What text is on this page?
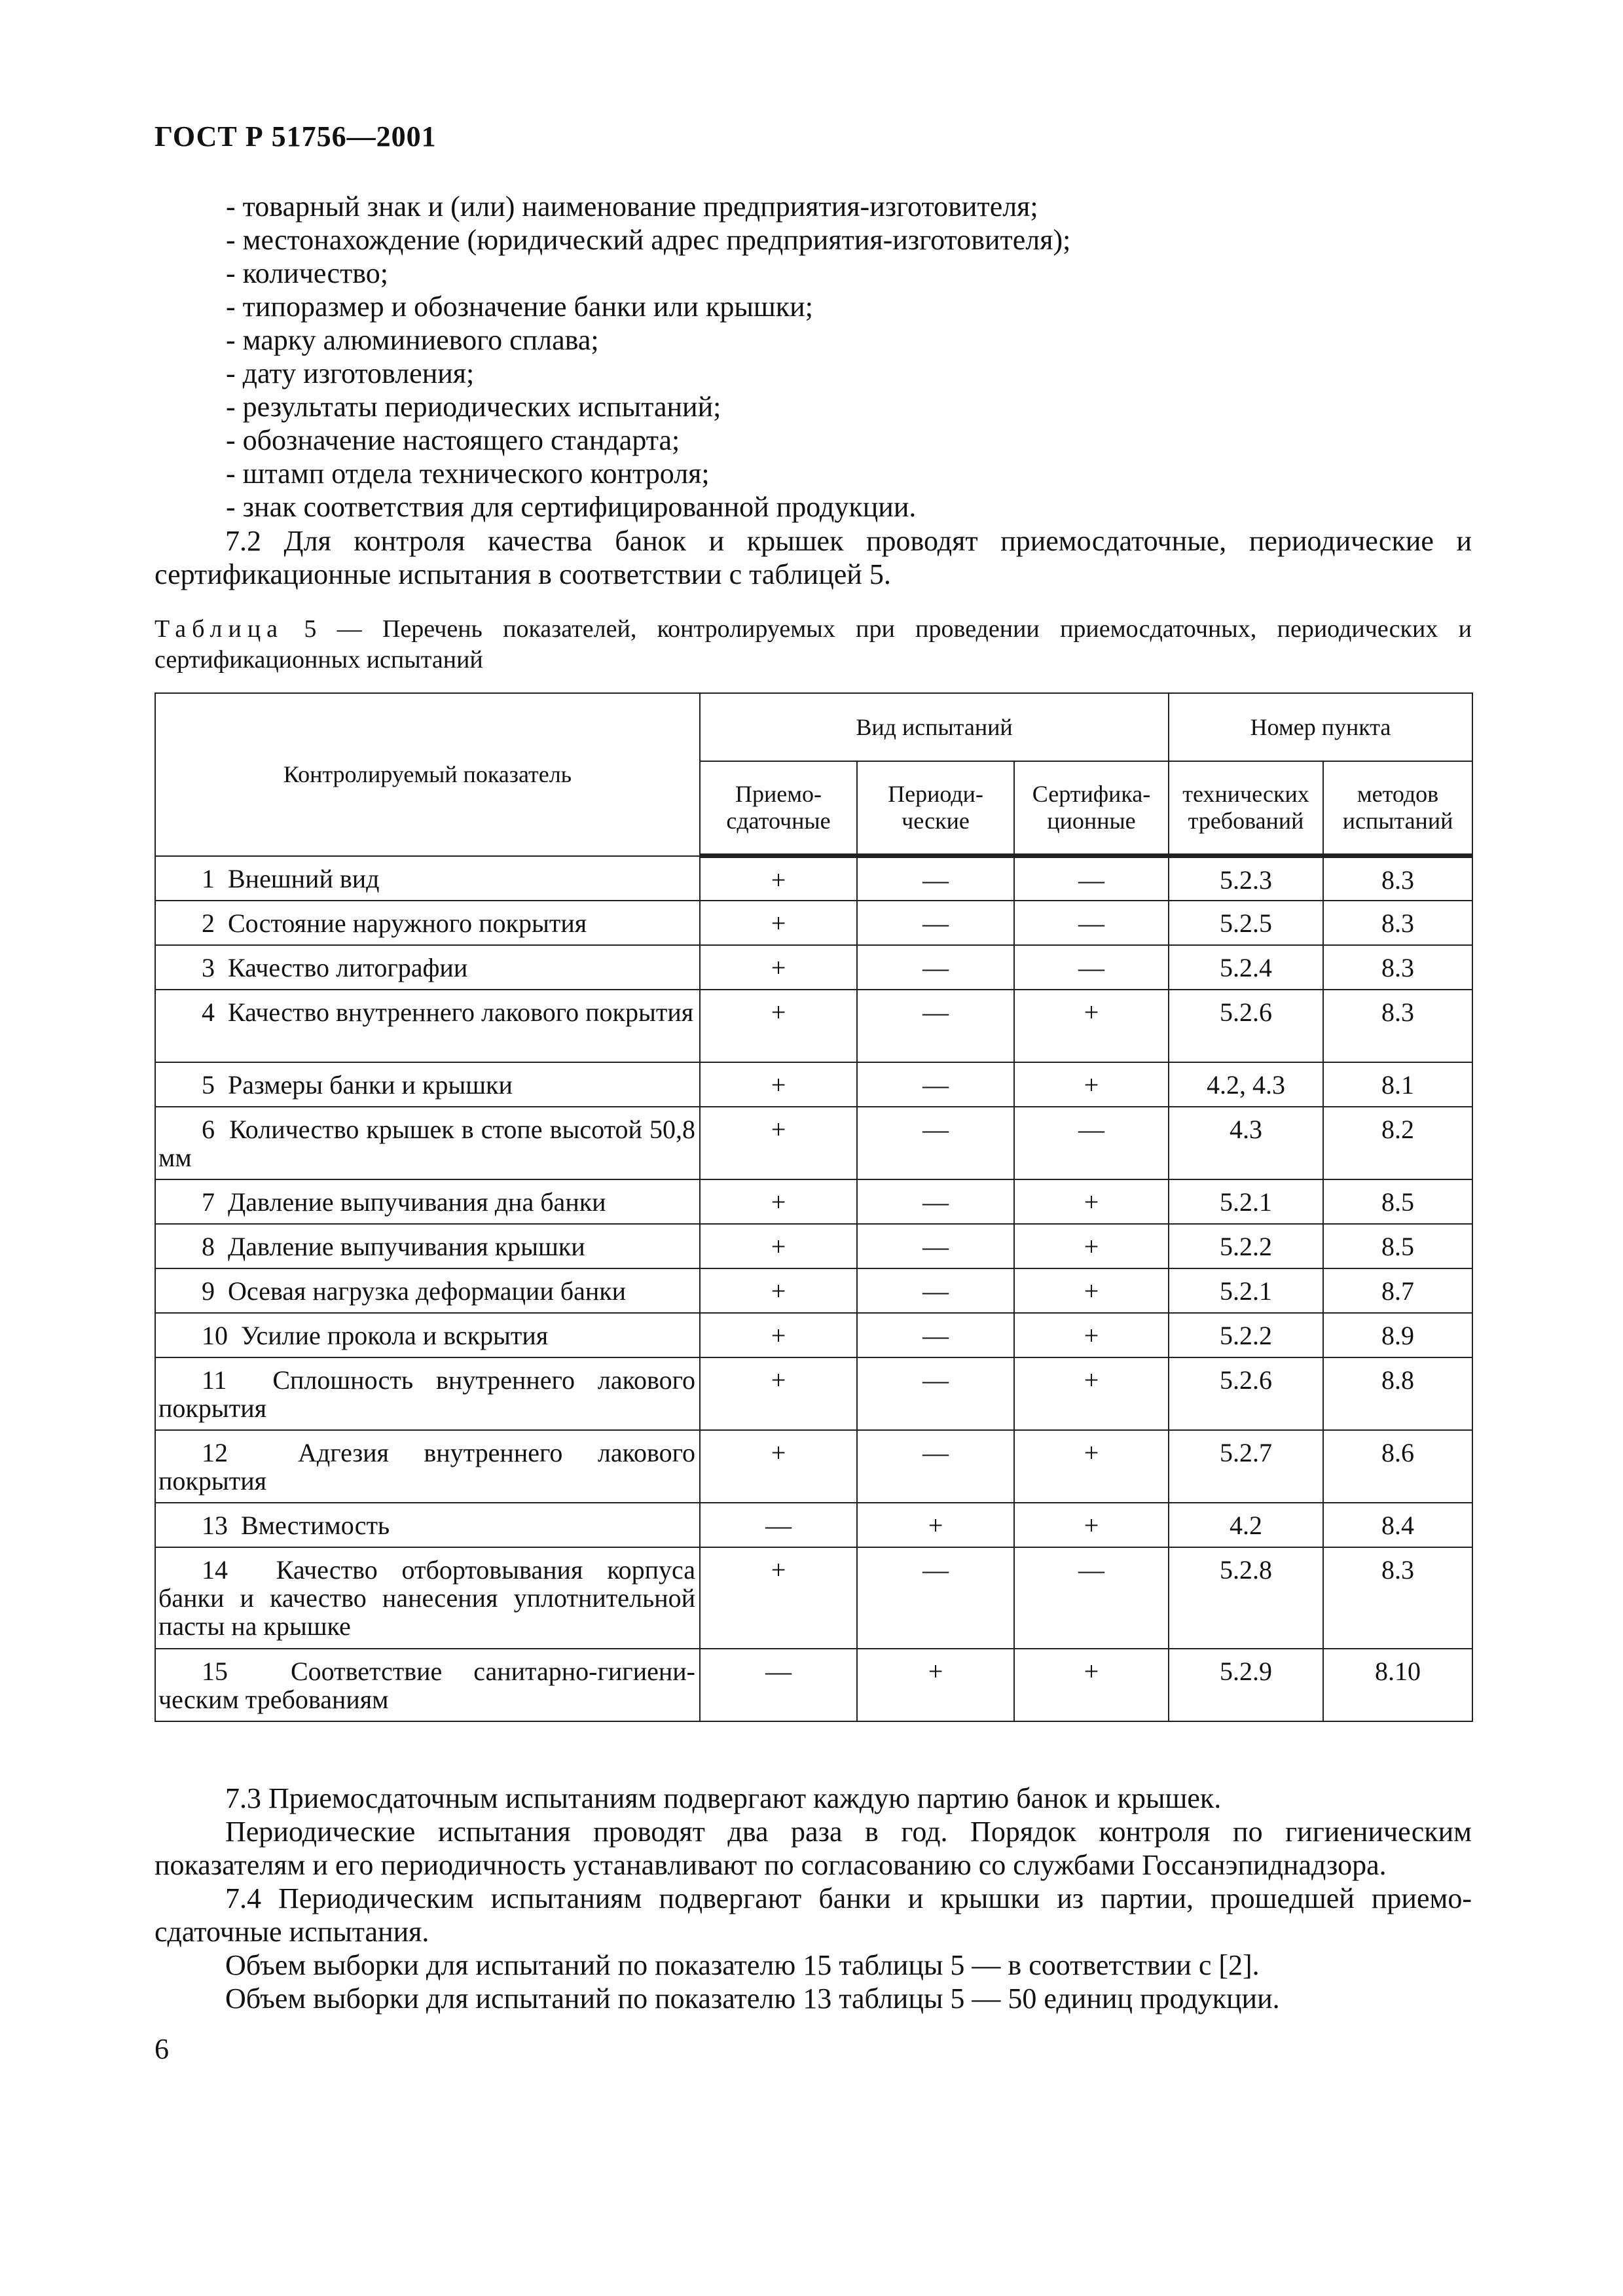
ГОСТ Р 51756—2001
- товарный знак и (или) наименование предприятия-изготовителя;
- местонахождение (юридический адрес предприятия-изготовителя);
- количество;
- типоразмер и обозначение банки или крышки;
- марку алюминиевого сплава;
- дату изготовления;
- результаты периодических испытаний;
- обозначение настоящего стандарта;
- штамп отдела технического контроля;
- знак соответствия для сертифицированной продукции.

7.2 Для контроля качества банок и крышек проводят приемосдаточные, периодические и сертификационные испытания в соответствии с таблицей 5.

Таблица 5 — Перечень показателей, контролируемых при проведении приемосдаточных, периодических и сертификационных испытаний

Контролируемый показатель	Вид испытаний			Номер пункта	
	Приемо-сдаточные	Периоди-ческие	Сертифика-ционные	технических требований	методов испытаний
1 Внешний вид	+	—	—	5.2.3	8.3
2 Состояние наружного покрытия	+	—	—	5.2.5	8.3
3 Качество литографии	+	—	—	5.2.4	8.3
4 Качество внутреннего лакового покрытия	+	—	+	5.2.6	8.3
5 Размеры банки и крышки	+	—	+	4.2, 4.3	8.1
6 Количество крышек в стопе высотой 50,8 мм	+	—	—	4.3	8.2
7 Давление выпучивания дна банки	+	—	+	5.2.1	8.5
8 Давление выпучивания крышки	+	—	+	5.2.2	8.5
9 Осевая нагрузка деформации банки	+	—	+	5.2.1	8.7
10 Усилие прокола и вскрытия	+	—	+	5.2.2	8.9
11 Сплошность внутреннего лакового покрытия	+	—	+	5.2.6	8.8
12 Адгезия внутреннего лакового покрытия	+	—	+	5.2.7	8.6
13 Вместимость	—	+	+	4.2	8.4
14 Качество отбортовывания корпуса банки и качество нанесения уплотнительной пасты на крышке	+	—	—	5.2.8	8.3
15 Соответствие санитарно-гигиени-ческим требованиям	—	+	+	5.2.9	8.10

7.3 Приемосдаточным испытаниям подвергают каждую партию банок и крышек.

Периодические испытания проводят два раза в год. Порядок контроля по гигиеническим показателям и его периодичность устанавливают по согласованию со службами Госсанэпиднадзора.

7.4 Периодическим испытаниям подвергают банки и крышки из партии, прошедшей приемо-сдаточные испытания.

Объем выборки для испытаний по показателю 15 таблицы 5 — в соответствии с [2].

Объем выборки для испытаний по показателю 13 таблицы 5 — 50 единиц продукции.

6
